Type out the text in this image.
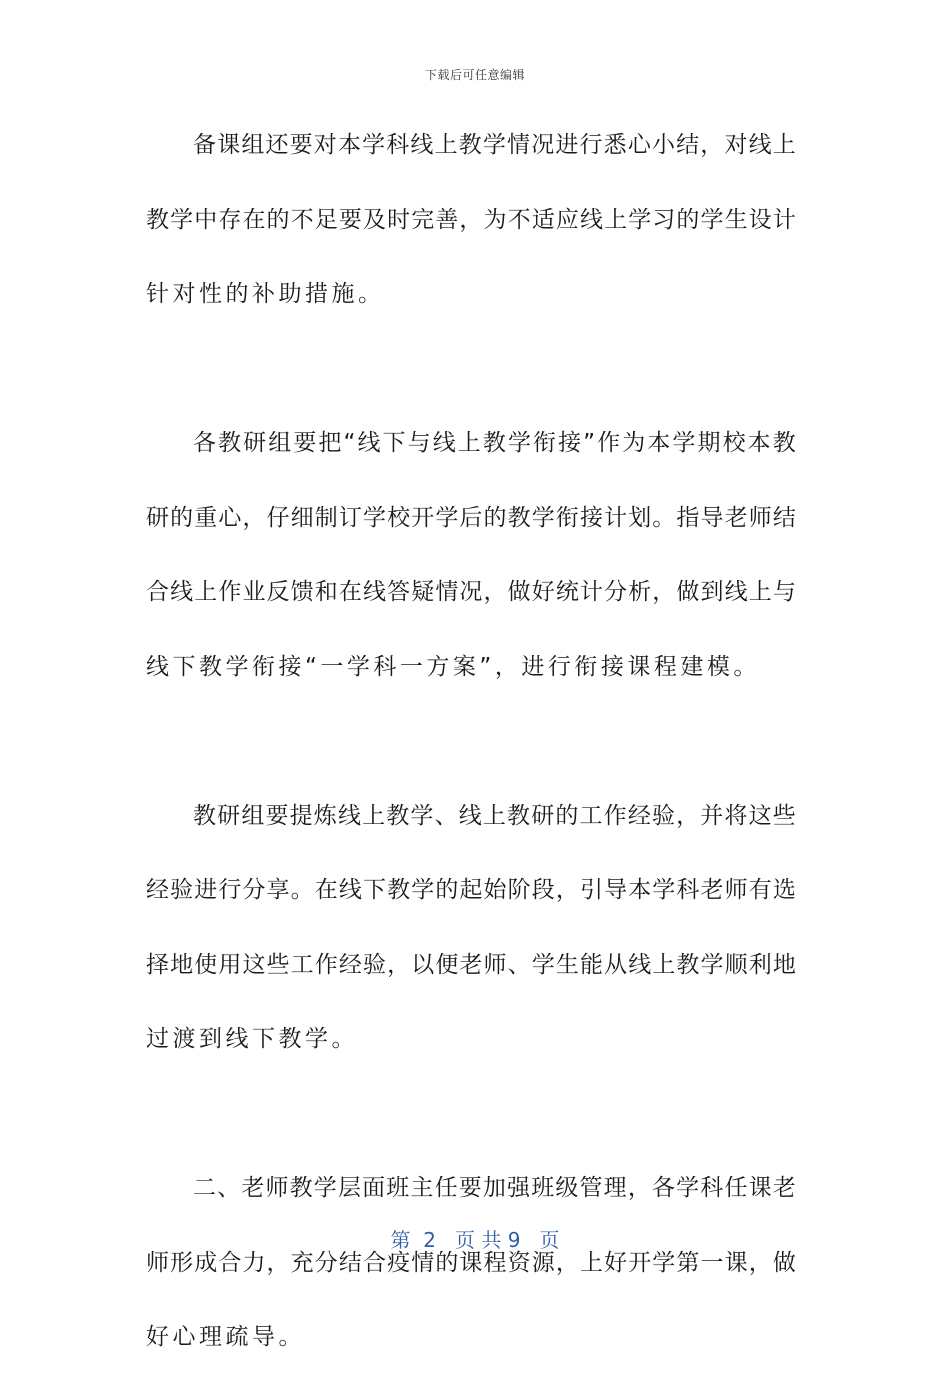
下载后可任意编辑
备 课 组 还 要 对 本 学 科 线 上 教 学 情 况 进 行 悉 心 小 结 ， 对 线 上
教 学 中 存 在 的 不 足 要 及 时 完 善 ， 为 不 适 应 线 上 学 习 的 学 生 设 计
针对性的补助措施。
各 教 研 组 要 把 “ 线 下 与 线 上 教 学 衔 接 ” 作 为 本 学 期 校 本 教
研 的 重 心 ， 仔 细 制 订 学 校 开 学 后 的 教 学 衔 接 计 划 。 指 导 老 师 结
合 线 上 作 业 反 馈 和 在 线 答 疑 情 况 ， 做 好 统 计 分 析 ， 做 到 线 上 与
线下教学衔接“一学科一方案”，进行衔接课程建模。
教 研 组 要 提 炼 线 上 教 学 、 线 上 教 研 的 工 作 经 验 ， 并 将 这 些
经 验 进 行 分 享 。 在 线 下 教 学 的 起 始 阶 段 ， 引 导 本 学 科 老 师 有 选
择 地 使 用 这 些 工 作 经 验 ， 以 便 老 师 、 学 生 能 从 线 上 教 学 顺 利 地
过渡到线下教学。
二 、 老 师 教 学 层 面 班 主 任 要 加 强 班 级 管 理 ， 各 学 科 任 课 老
师 形 成 合 力 ， 充 分 结 合 疫 情 的 课 程 资 源 ， 上 好 开 学 第 一 课 ， 做
好心理疏导。
第  2   页 共 9   页
